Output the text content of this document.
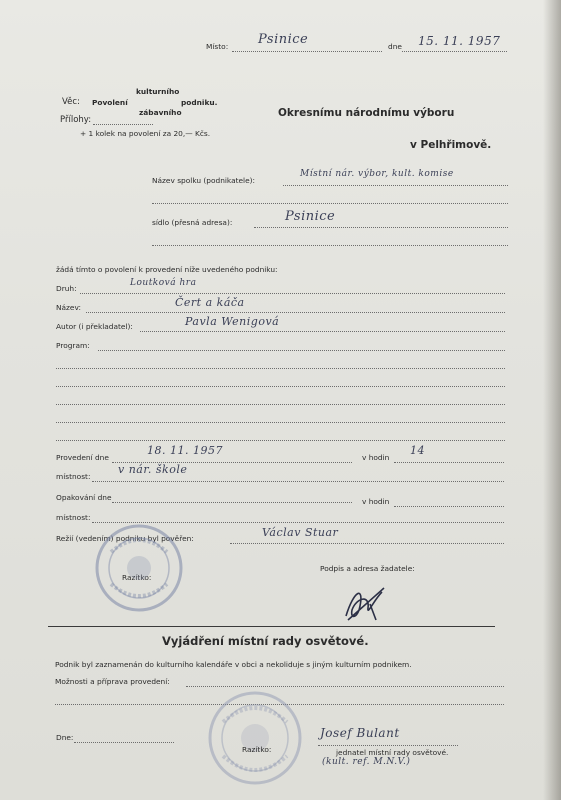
Místo: Psinice	dne 15. 11. 1957
Věc: Povolení
kulturního
zábavního
podniku.
Přílohy:
+ 1 kolek na povolení za 20,— Kčs.
Okresnímu národnímu výboru
v Pelhřimově.
Název spolku (podnikatele):
Místní nár. výbor, kult. komise
sídlo (přesná adresa):	Psinice
žádá tímto o povolení k provedení níže uvedeného podniku:
Druh:
Loutková hra
Název:	Čert a káča
Autor (i překladatel):	Pavla Wenigová
Program:
Provedení dne
18. 11. 1957
v hodin
14
místnost:
v nár. škole
Opakování dne	v hodin
místnost:
Režií (vedením) podniku byl pověřen:	Václav Stuar
Podpis a adresa žadatele:
Razítko:
Vyjádření místní rady osvětové.
Podnik byl zaznamenán do kulturního kalendáře v obci a nekoliduje s jiným kulturním podnikem.
Možnosti a příprava provedení:
Dne:
Razítko:
Josef Bulant
jednatel místní rady osvětové.
(kult. ref. M.N.V.)
